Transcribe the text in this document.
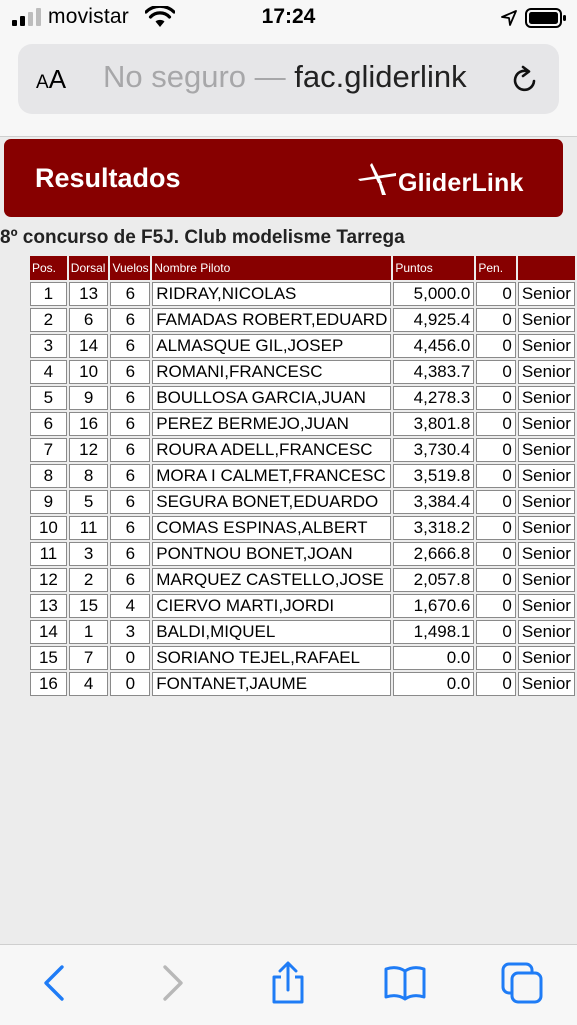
movistar	17:24
AA No seguro — fac.gliderlink
Resultados	GliderLink
8º concurso de F5J. Club modelisme Tarrega
Pos.	Dorsal	Vuelos	Nombre Piloto	Puntos	Pen.	
1	13	6	RIDRAY,NICOLAS	5,000.0	0	Senior
2	6	6	FAMADAS ROBERT,EDUARD	4,925.4	0	Senior
3	14	6	ALMASQUE GIL,JOSEP	4,456.0	0	Senior
4	10	6	ROMANI,FRANCESC	4,383.7	0	Senior
5	9	6	BOULLOSA GARCIA,JUAN	4,278.3	0	Senior
6	16	6	PEREZ BERMEJO,JUAN	3,801.8	0	Senior
7	12	6	ROURA ADELL,FRANCESC	3,730.4	0	Senior
8	8	6	MORA I CALMET,FRANCESC	3,519.8	0	Senior
9	5	6	SEGURA BONET,EDUARDO	3,384.4	0	Senior
10	11	6	COMAS ESPINAS,ALBERT	3,318.2	0	Senior
11	3	6	PONTNOU BONET,JOAN	2,666.8	0	Senior
12	2	6	MARQUEZ CASTELLO,JOSE	2,057.8	0	Senior
13	15	4	CIERVO MARTI,JORDI	1,670.6	0	Senior
14	1	3	BALDI,MIQUEL	1,498.1	0	Senior
15	7	0	SORIANO TEJEL,RAFAEL	0.0	0	Senior
16	4	0	FONTANET,JAUME	0.0	0	Senior
